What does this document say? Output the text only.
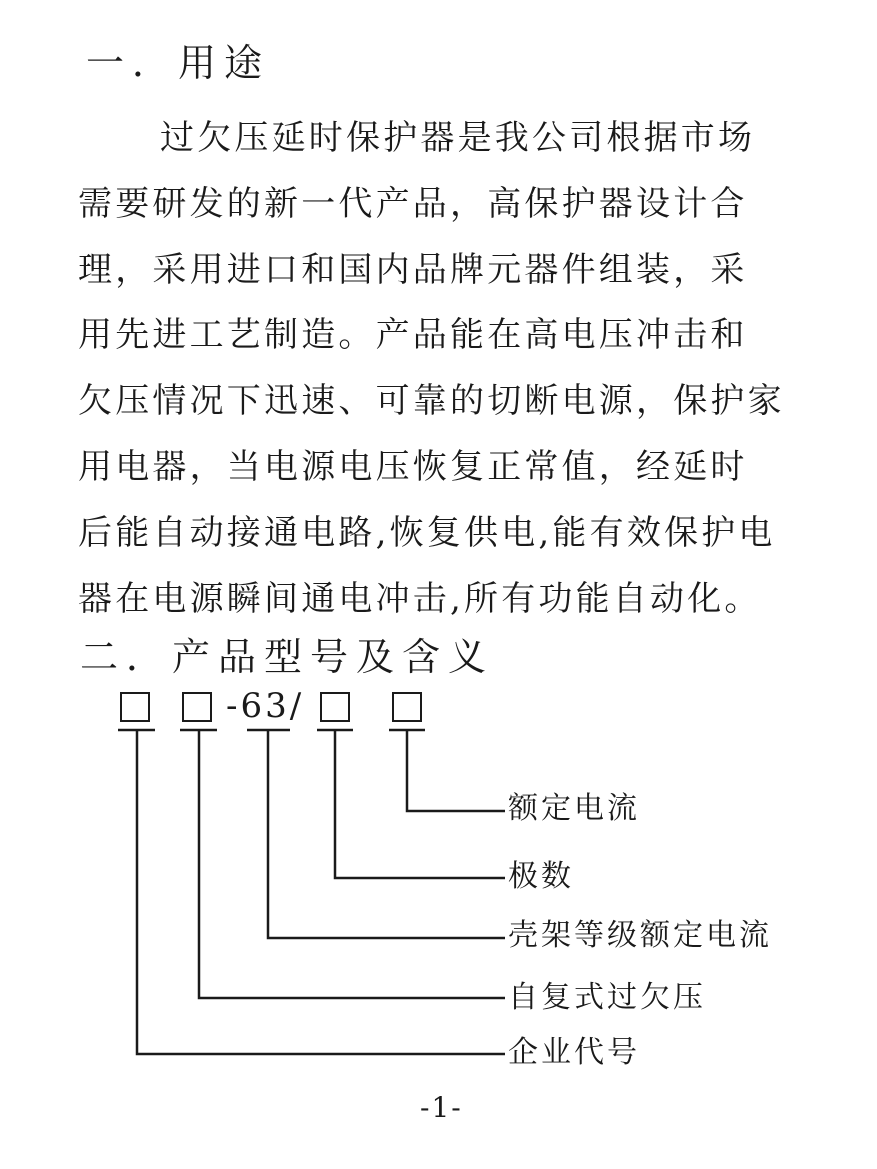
一．用途
过欠压延时保护器是我公司根据市场
需要研发的新一代产品，高保护器设计合
理，采用进口和国内品牌元器件组装，采
用先进工艺制造。产品能在高电压冲击和
欠压情况下迅速、可靠的切断电源，保护家
用电器，当电源电压恢复正常值，经延时
后能自动接通电路,恢复供电,能有效保护电
器在电源瞬间通电冲击,所有功能自动化。
二．产品型号及含义
-63/
额定电流
极数
壳架等级额定电流
自复式过欠压
企业代号
-1-
